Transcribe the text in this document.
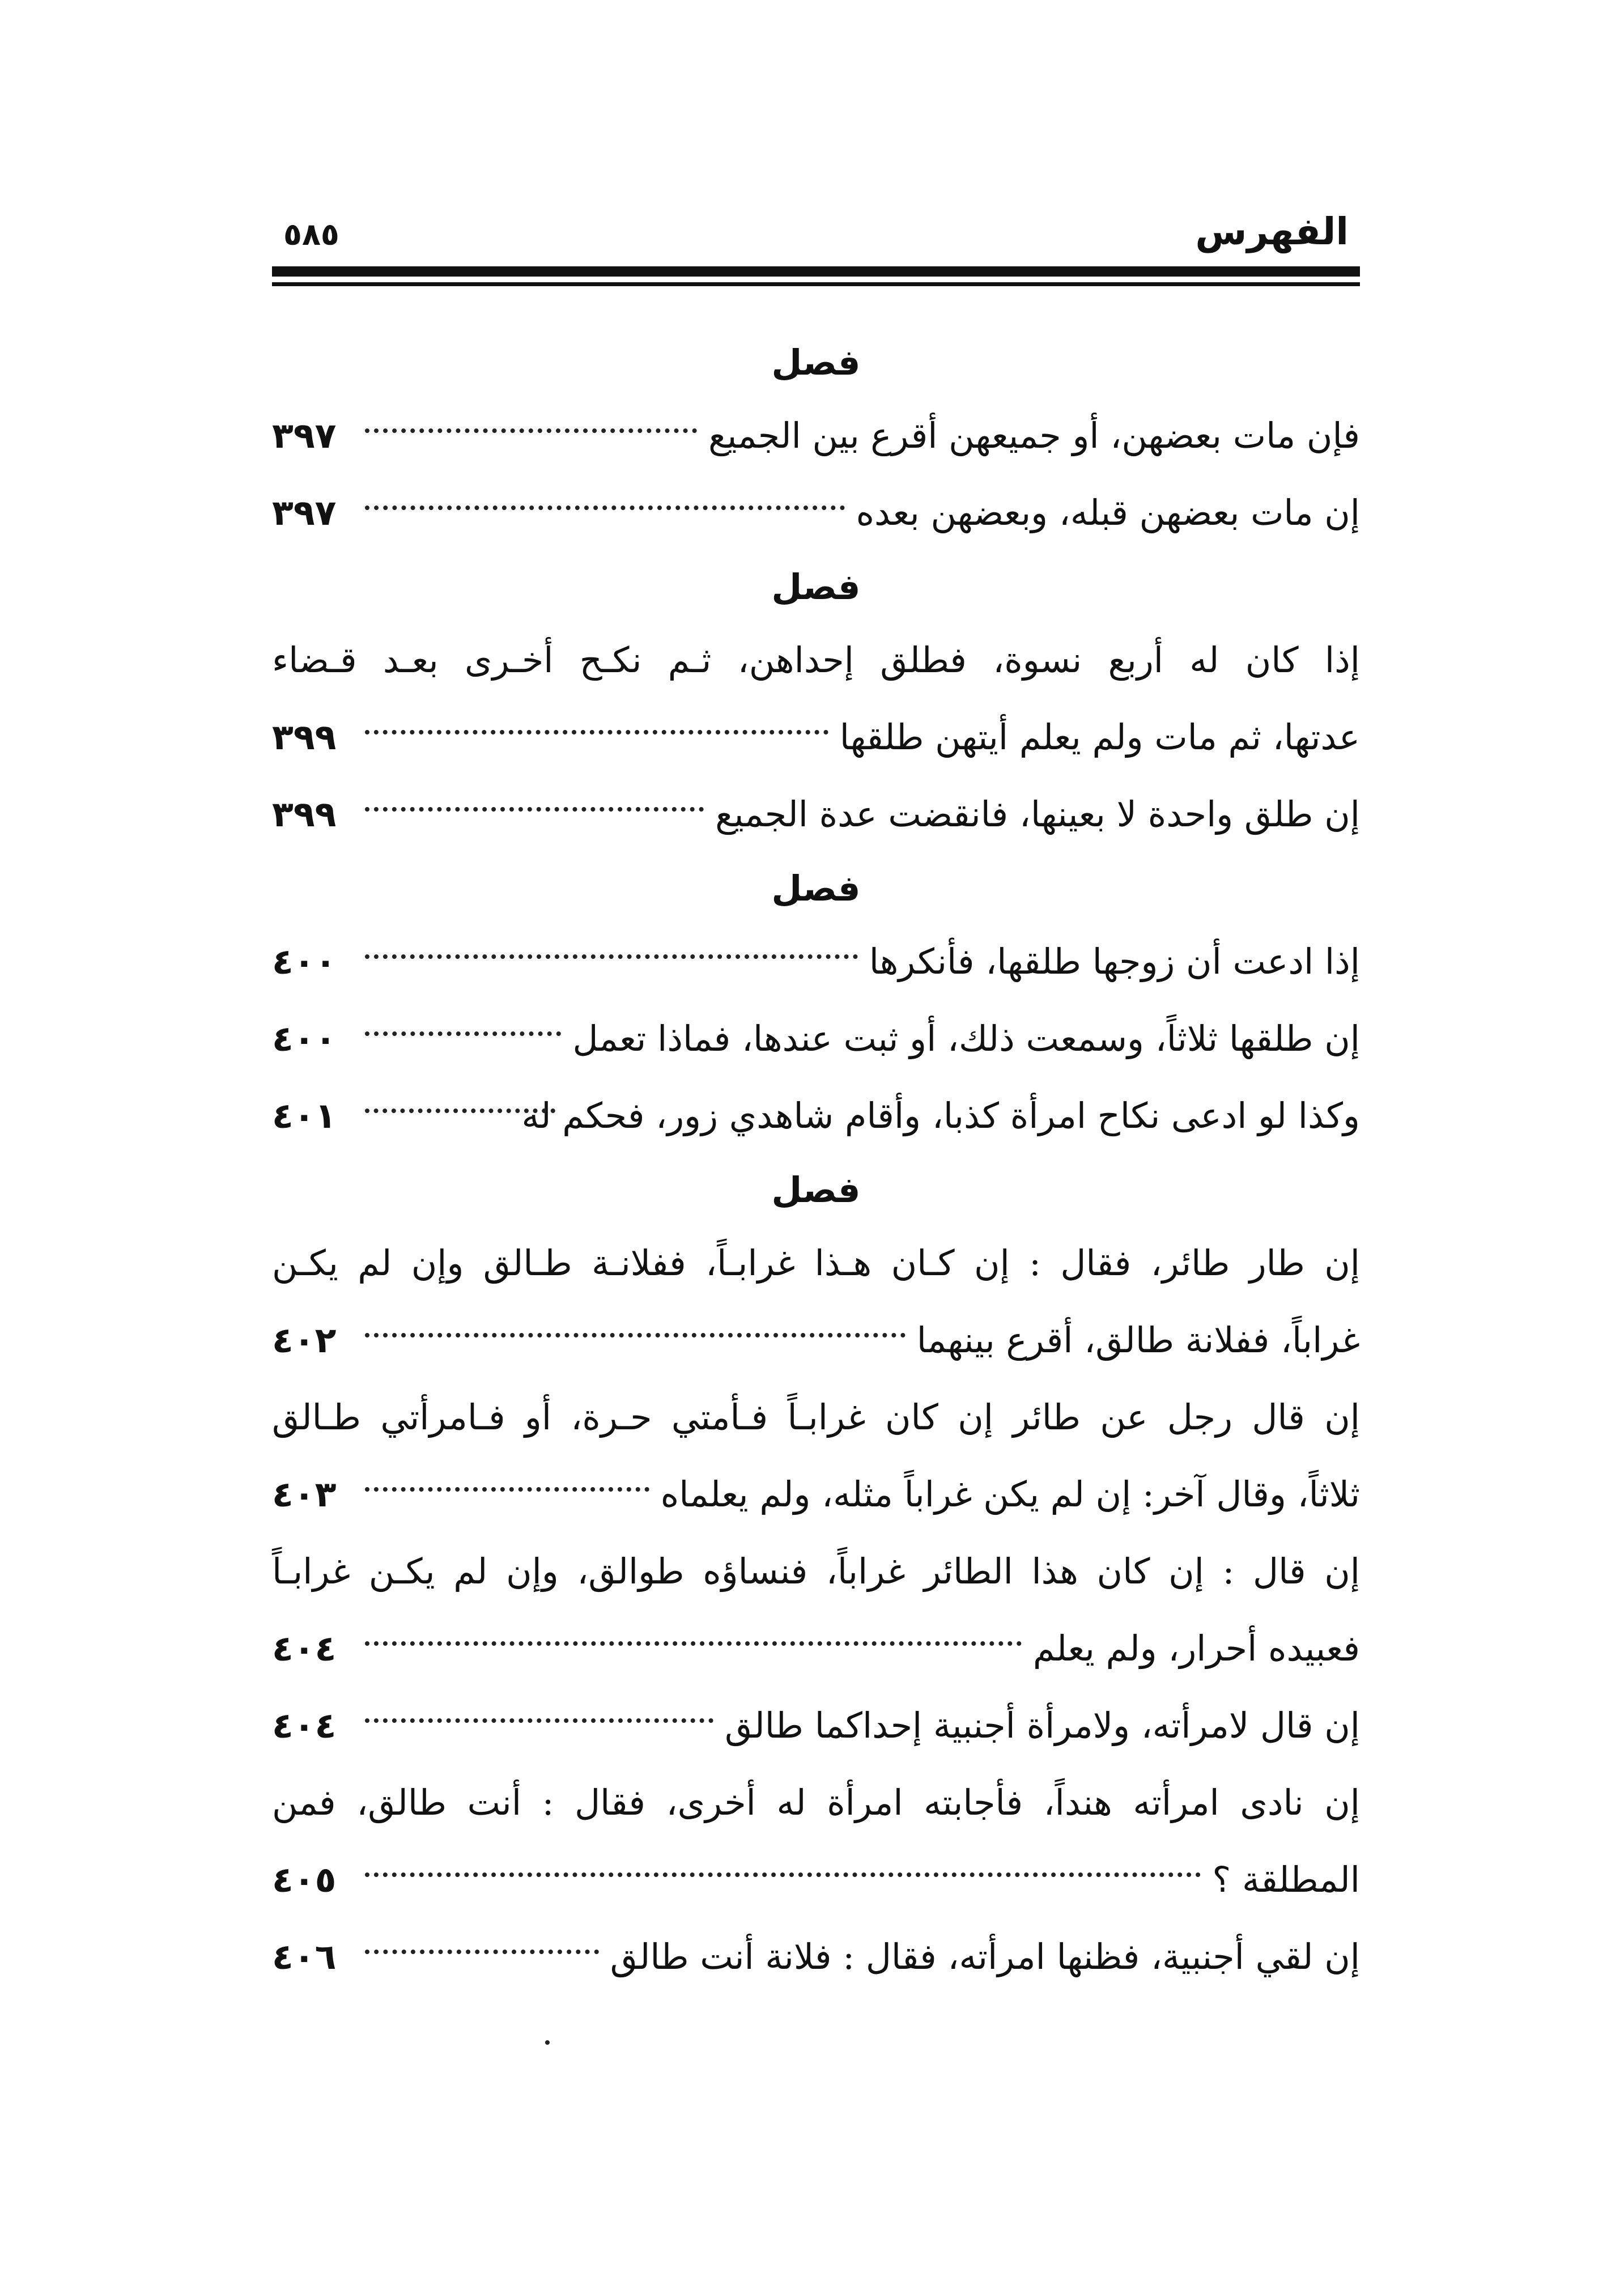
الفهرس
٥٨٥
فصل
فإن مات بعضهن، أو جميعهن أقرع بين الجميع
٣٩٧
إن مات بعضهن قبله، وبعضهن بعده
٣٩٧
فصل
إذا كان له أربع نسوة، فطلق إحداهن، ثـم نكـح أخـرى بعـد قـضاء
عدتها، ثم مات ولم يعلم أيتهن طلقها
٣٩٩
إن طلق واحدة لا بعينها، فانقضت عدة الجميع
٣٩٩
فصل
إذا ادعت أن زوجها طلقها، فأنكرها
٤٠٠
إن طلقها ثلاثاً، وسمعت ذلك، أو ثبت عندها، فماذا تعمل
٤٠٠
وكذا لو ادعى نكاح امرأة كذبا، وأقام شاهدي زور، فحكم له
٤٠١
فصل
إن طار طائر، فقال : إن كـان هـذا غرابـاً، ففلانـة طـالق وإن لم يكـن
غراباً، ففلانة طالق، أقرع بينهما
٤٠٢
إن قال رجل عن طائر إن كان غرابـاً فـأمتي حـرة، أو فـامرأتي طـالق
ثلاثاً، وقال آخر: إن لم يكن غراباً مثله، ولم يعلماه
٤٠٣
إن قال : إن كان هذا الطائر غراباً، فنساؤه طوالق، وإن لم يكـن غرابـاً
فعبيده أحرار، ولم يعلم
٤٠٤
إن قال لامرأته، ولامرأة أجنبية إحداكما طالق
٤٠٤
إن نادى امرأته هنداً، فأجابته امرأة له أخرى، فقال : أنت طالق، فمن
المطلقة ؟
٤٠٥
إن لقي أجنبية، فظنها امرأته، فقال : فلانة أنت طالق
٤٠٦
